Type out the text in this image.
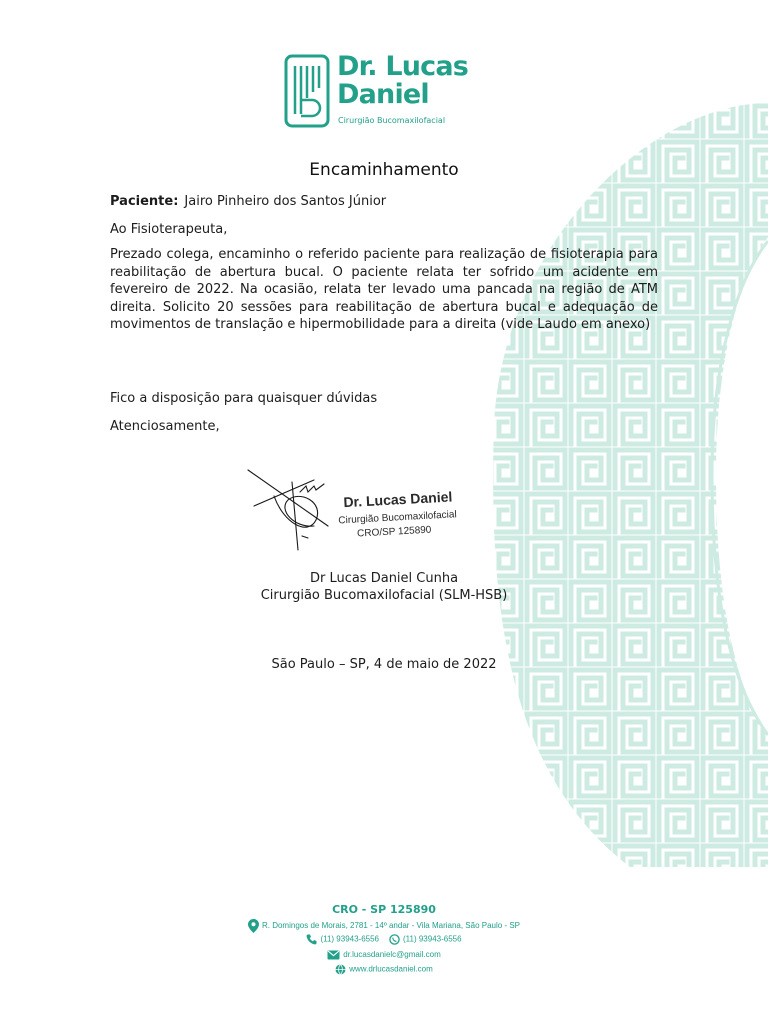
Dr. Lucas
Daniel
Cirurgião Bucomaxilofacial
Encaminhamento
Paciente: Jairo Pinheiro dos Santos Júnior
Ao Fisioterapeuta,
Prezado colega, encaminho o referido paciente para realização de fisioterapia para reabilitação de abertura bucal. O paciente relata ter sofrido um acidente em fevereiro de 2022. Na ocasião, relata ter levado uma pancada na região de ATM direita. Solicito 20 sessões para reabilitação de abertura bucal e adequação de movimentos de translação e hipermobilidade para a direita (vide Laudo em anexo)
Fico a disposição para quaisquer dúvidas
Atenciosamente,
Dr. Lucas Daniel
Cirurgião Bucomaxilofacial
CRO/SP 125890
Dr Lucas Daniel Cunha
Cirurgião Bucomaxilofacial (SLM-HSB)
São Paulo – SP, 4 de maio de 2022
CRO - SP 125890
R. Domingos de Morais, 2781 - 14º andar - Vila Mariana, São Paulo - SP
(11) 93943-6556	(11) 93943-6556
dr.lucasdanielc@gmail.com
www.drlucasdaniel.com
